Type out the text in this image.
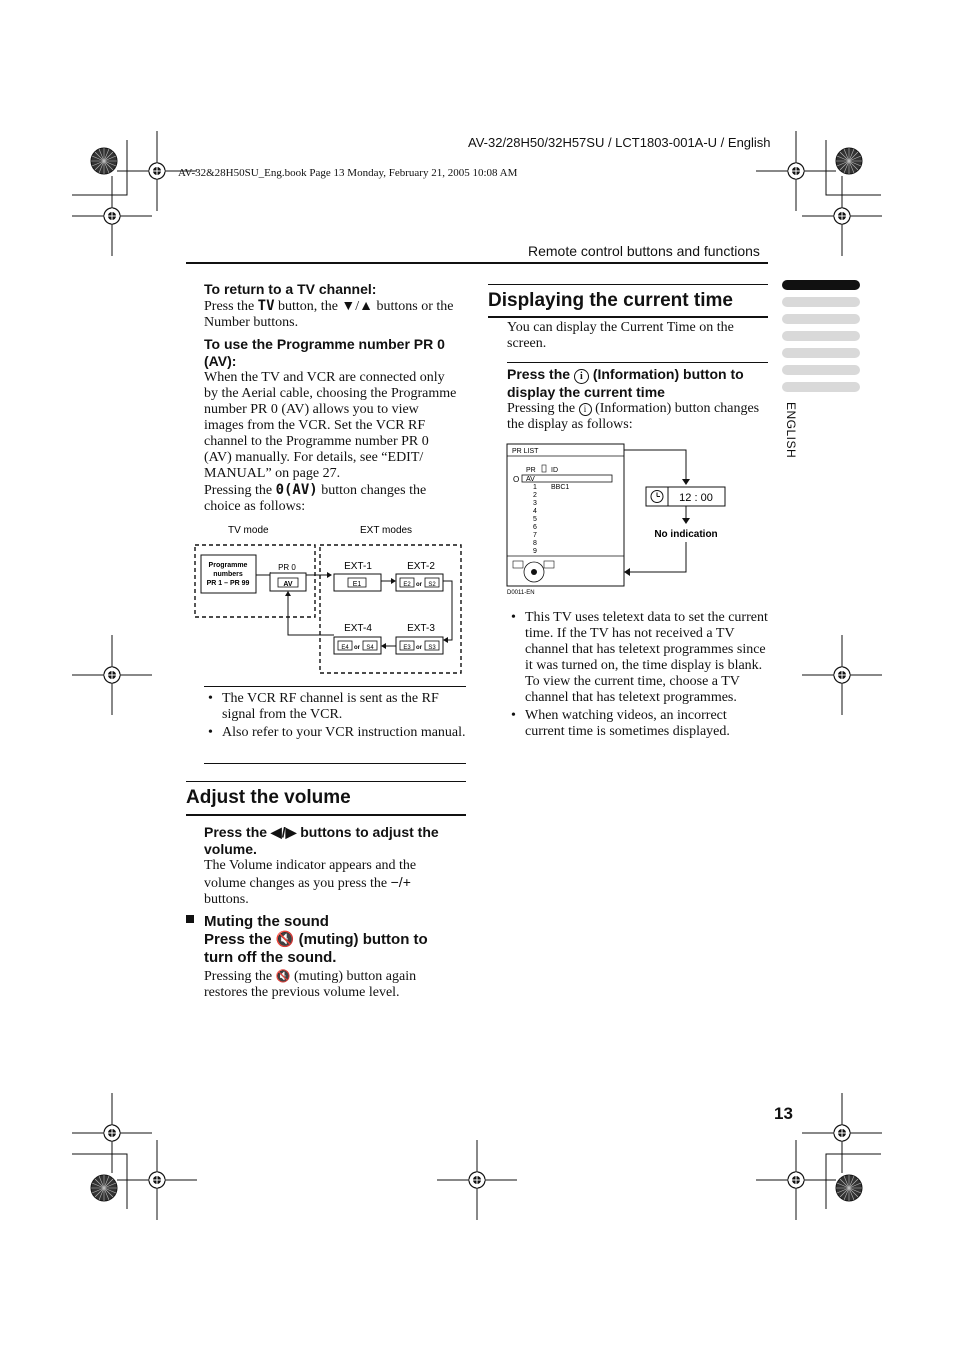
AV-32/28H50/32H57SU / LCT1803-001A-U / English
AV-32&28H50SU_Eng.book Page 13 Monday, February 21, 2005 10:08 AM
Remote control buttons and functions
ENGLISH

To return to a TV channel:

Press the TV button, the ▼/▲ buttons or the
Number buttons.

To use the Programme number PR 0
(AV):

When the TV and VCR are connected only
by the Aerial cable, choosing the Programme
number PR 0 (AV) allows you to view
images from the VCR. Set the VCR RF
channel to the Programme number PR 0
(AV) manually. For details, see “EDIT/
MANUAL” on page 27.
Pressing the 0(AV) button changes the
choice as follows:

TV mode	EXT modes
Programme
numbers
PR 1 – PR 99
PR 0
AV
EXT-1
E1
EXT-2
E2 or S2
EXT-3
E3 or S3
EXT-4
E4 or S4
• The VCR RF channel is sent as the RF signal from the VCR.
• Also refer to your VCR instruction manual.
Adjust the volume

Press the ◀/▶ buttons to adjust the
volume.

The Volume indicator appears and the
volume changes as you press the −/+
buttons.

Muting the sound

Press the 🔇 (muting) button to
turn off the sound.

Pressing the 🔇 (muting) button again
restores the previous volume level.

Displaying the current time

You can display the Current Time on the
screen.

Press the i (Information) button to
display the current time

Pressing the i (Information) button changes
the display as follows:

PR LIST
PR ID
O AV
BBC1
1
2
3
4
5
6
7
8
9
D0011-EN
12 : 00
No indication
• This TV uses teletext data to set the current time. If the TV has not received a TV channel that has teletext programmes since it was turned on, the time display is blank. To view the current time, choose a TV channel that has teletext programmes.
• When watching videos, an incorrect current time is sometimes displayed.
13
